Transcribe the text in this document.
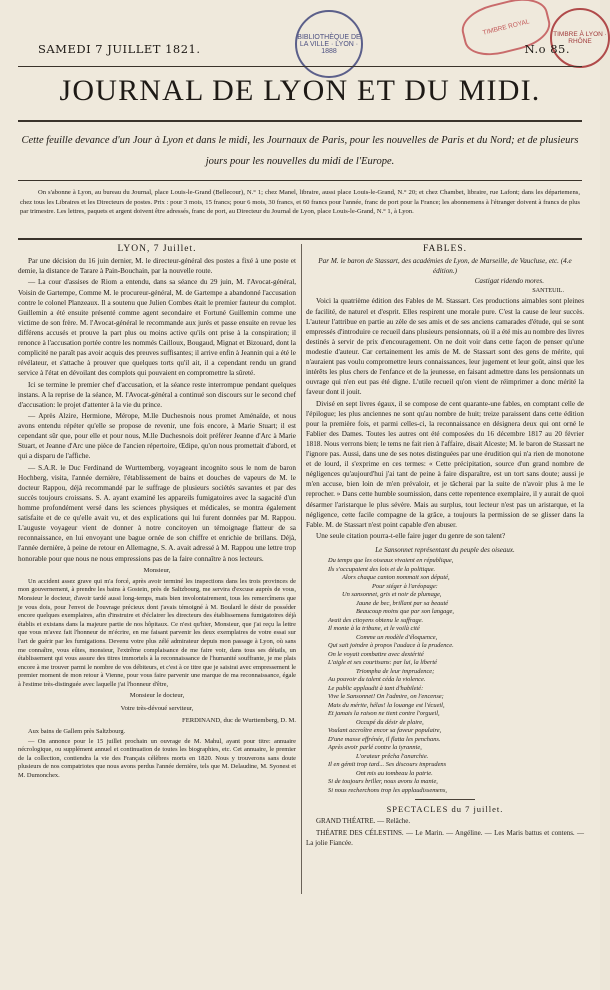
BIBLIOTHÈQUE DE LA VILLE · LYON · 1888
TIMBRE ROYAL	TIMBRE À LYON · RHÔNE
SAMEDI 7 JUILLET 1821.	N.o 85.
JOURNAL DE LYON ET DU MIDI.
Cette feuille devance d'un Jour à Lyon et dans le midi, les Journaux de Paris, pour les nouvelles de Paris et du Nord; et de plusieurs jours pour les nouvelles du midi de l'Europe.
On s'abonne à Lyon, au bureau du Journal, place Louis-le-Grand (Bellecour), N.° 1; chez Manel, libraire, aussi place Louis-le-Grand, N.° 20; et chez Chambet, libraire, rue Lafont; dans les départemens, chez tous les Libraires et les Directeurs de postes. Prix : pour 3 mois, 15 francs; pour 6 mois, 30 francs, et 60 francs pour l'année, franc de port pour la France; les abonnemens à l'étranger doivent à francs de plus par trimestre. Les lettres, paquets et argent doivent être adressés, franc de port, au Directeur du Journal de Lyon, place Louis-le-Grand, N.° 1, à Lyon.
LYON, 7 Juillet.

Par une décision du 16 juin dernier, M. le directeur-général des postes a fixé à une poste et demie, la distance de Tarare à Pain-Bouchain, par la nouvelle route.

— La cour d'assises de Riom a entendu, dans sa séance du 29 juin, M. l'Avocat-général, Voisin de Gartempe, Comme M. le procureur-général, M. de Gartempe a abandonné l'accusation contre le colonel Planzeaux. Il a soutenu que Julien Combes était le premier fauteur du complot. Guillemin a été ensuite présenté comme agent secondaire et Fortuné Guillemin comme une victime de son frère. M. l'Avocat-général le recommande aux jurés et passe ensuite en revue les différens accusés et prouve la part plus ou moins active qu'ils ont prise à la conspiration; il renonce à l'accusation portée contre les nommés Cailloux, Bougaud, Mignat et Bizouard, dont la complicité ne paraît pas avoir acquis des preuves suffisantes; il arrive enfin à Jeannin qui a été le révélateur, et s'attache à prouver que quelques torts qu'il ait, il a cependant rendu un grand service à l'état en dévoilant des complots qui pouvaient en compromettre la sûreté.

Ici se termine le premier chef d'accusation, et la séance reste interrompue pendant quelques instans. A la reprise de la séance, M. l'Avocat-général a continué son discours sur le second chef d'accusation: le projet d'attenter à la vie du prince.

— Après Alzire, Hermione, Mérope, M.lle Duchesnois nous promet Aménaïde, et nous avons entendu répéter qu'elle se propose de revenir, une fois encore, à Marie Stuart; il est cependant sûr que, pour elle et pour nous, M.lle Duchesnois doit préférer Jeanne d'Arc à Marie Stuart, et Jeanne d'Arc une pièce de l'ancien répertoire, Œdipe, qu'on nous promettait d'abord, et qui a disparu de l'affiche.

— S.A.R. le Duc Ferdinand de Wurttemberg, voyageant incognito sous le nom de baron Hochberg, visita, l'année dernière, l'établissement de bains et douches de vapeurs de M. le docteur Rappou, déjà recommandé par le suffrage de plusieurs sociétés savantes et par des succès toujours croissans. S. A. ayant examiné les appareils fumigatoires avec la sagacité d'un homme profondément versé dans les sciences physiques et médicales, se montra également satisfaite et de ce qu'elle avait vu, et des explications qui lui furent données par M. Rappou. L'auguste voyageur vient de donner à notre concitoyen un témoignage flatteur de sa reconnaissance, en lui envoyant une bague ornée de son chiffre et enrichie de brillans. Déjà, l'année dernière, à peine de retour en Allemagne, S. A. avait adressé à M. Rappou une lettre trop honorable pour que nous ne nous empressions pas de la faire connaître à nos lecteurs.

Monsieur,

Un accident assez grave qui m'a forcé, après avoir terminé les inspections dans les trois provinces de mon gouvernement, à prendre les bains à Gostein, près de Saltzbourg, me servira d'excuse auprès de vous, Monsieur le docteur, d'avoir tardé aussi long-temps, mais bien involontairement, tous les remercîmens que je vous dois, pour l'envoi de l'ouvrage précieux dont j'avais témoigné à M. Boulard le désir de posséder encore quelques exemplaires, afin d'instruire et d'éclairer les directeurs des établissemens fumigatoires déjà établis et existans dans la majeure partie de nos hôpitaux. Ce n'est qu'hier, Monsieur, que j'ai reçu la lettre que vous m'avez fait l'honneur de m'écrire, en me faisant parvenir les deux exemplaires de votre essai sur l'art de guérir par les fumigations. Devenu votre plus zélé admirateur depuis mon passage à Lyon, où sans me connaître, vous eûtes, monsieur, l'extrême complaisance de me faire voir, dans tous ses détails, un établissement qui vous assure des titres immortels à la reconnaissance de l'humanité souffrante, je me plais encore à me trouver parmi le nombre de vos débiteurs, et c'est à ce titre que je saisirai avec empressement le premier moment de mon retour à Vienne, pour vous faire parvenir une marque de ma reconnaissance, égale à l'estime très-distinguée avec laquelle j'ai l'honneur d'être,

Monsieur le docteur,
Votre très-dévoué serviteur,
FERDINAND, duc de Wurttemberg, D. M.

Aux bains de Gallem près Saltzbourg.

— On annonce pour le 15 juillet prochain un ouvrage de M. Mahul, ayant pour titre: annuaire nécrologique, ou supplément annuel et continuation de toutes les biographies, etc. Cet annuaire, le premier de la collection, contiendra la vie des Français célèbres morts en 1820. Nous y trouverons sans doute plusieurs de nos compatriotes que nous avons perdus l'année dernière, tels que M. Delaudine, M. Syonest et M. Dumonchex.

FABLES.
Par M. le baron de Stassart, des académies de Lyon, de Marseille, de Vaucluse, etc. (4.e édition.)
Castigat ridendo mores.
SANTEUIL.

Voici la quatrième édition des Fables de M. Stassart. Ces productions aimables sont pleines de facilité, de naturel et d'esprit. Elles respirent une morale pure. C'est la cause de leur succès. L'auteur l'attribue en partie au zèle de ses amis et de ses anciens camarades d'étude, qui se sont empressés d'introduire ce recueil dans plusieurs pensionnats, où il a été mis au nombre des livres destinés à servir de prix d'encouragement. On ne doit voir dans cette façon de penser qu'une modestie d'auteur. Car certainement les amis de M. de Stassart sont des gens de mérite, qui n'auraient pas voulu compromettre leurs connaissances, leur jugement et leur goût, ainsi que les intérêts les plus chers de l'enfance et de la jeunesse, en faisant admettre dans les pensionnats un ouvrage qui n'en eut pas été digne. L'utile recueil qu'on vient de réimprimer a donc mérité la faveur dont il jouit.

Divisé en sept livres égaux, il se compose de cent quarante-une fables, en comptant celle de l'épilogue; les plus anciennes ne sont qu'au nombre de huit; treize paraissent dans cette édition pour la première fois, et parmi celles-ci, la reconnaissance en désignera deux qui ont orné le Fablier des Dames. Toutes les autres ont été composées du 16 décembre 1817 au 20 février 1818. Nous verrons bien; le tems ne fait rien à l'affaire, disait Alceste; M. le baron de Stassart ne l'ignore pas. Aussi, dans une de ses notes distinguées par une érudition qui n'a rien de monotone et de lourd, il s'exprime en ces termes: « Cette précipitation, source d'un grand nombre de négligences qu'aujourd'hui j'ai tant de peine à faire disparaître, est un tort sans doute; aussi je m'en accuse, bien loin de m'en prévaloir, et je tâcherai par la suite de n'avoir plus à me le reprocher. » Dans cette humble soumission, dans cette repentence exemplaire, il y aurait de quoi désarmer l'aristarque le plus sévère. Mais au surplus, tout lecteur n'est pas un aristarque, et la négligence, cette facile compagne de la grâce, a toujours la permission de se glisser dans la Fable. M. de Stassart n'est point capable d'en abuser.

Une seule citation pourra-t-elle faire juger du genre de son talent?

Le Sansonnet représentant du peuple des oiseaux.
Du temps que les oiseaux vivaient en république,
Ils s'occupaient des lois et de la politique.
Alors chaque canton nommait son député,
Pour siéger à l'aréopage:
Un sansonnet, gris et noir de plumage,
Jaune de bec, brillant par sa beauté
Beaucoup moins que par son langage,
Avait des citoyens obtenu le suffrage.
Il monte à la tribune, et le voilà cité
Comme un modèle d'éloquence,
Qui sait joindre à propos l'audace à la prudence.
On le voyait combattre avec dextérité
L'aigle et ses courtisans: par lui, la liberté
Triompha de leur imprudence;
Au pouvoir du talent céda la violence.
Le public applaudit à tant d'habileté:
Vive le Sansonnet! On l'admire, on l'encense;
Mais du mérite, hélas! la louange est l'écueil,
Et jamais la raison ne tient contre l'orgueil,
Occupé du désir de plaire,
Voulant accroître encor sa faveur populaire,
D'une masse effrénée, il flatta les penchans.
Après avoir parlé contre la tyrannie,
L'orateur prêcha l'anarchie.
Il en gémit trop tard... Ses discours imprudens
Ont mis au tombeau la patrie.
Si de toujours briller, nous avons la manie,
Si nous recherchons trop les applaudissemens,
SPECTACLES du 7 juillet.

GRAND THÉATRE. — Relâche.

THÉATRE DES CÉLESTINS. — Le Marin. — Angéline. — Les Maris battus et contens. — La jolie Fiancée.
